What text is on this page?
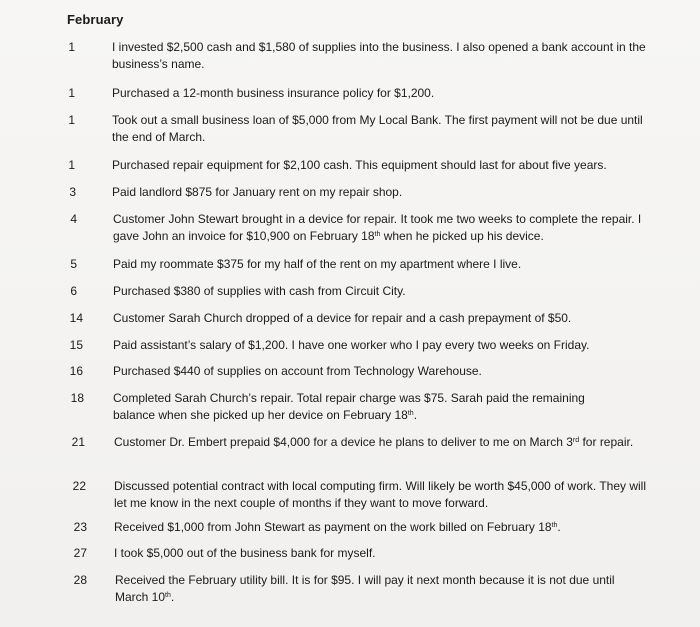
February
1	I invested $2,500 cash and $1,580 of supplies into the business. I also opened a bank account in the business’s name.
1	Purchased a 12-month business insurance policy for $1,200.
1	Took out a small business loan of $5,000 from My Local Bank. The first payment will not be due until the end of March.
1	Purchased repair equipment for $2,100 cash. This equipment should last for about five years.
3	Paid landlord $875 for January rent on my repair shop.
4	Customer John Stewart brought in a device for repair. It took me two weeks to complete the repair. I gave John an invoice for $10,900 on February 18th when he picked up his device.
5	Paid my roommate $375 for my half of the rent on my apartment where I live.
6	Purchased $380 of supplies with cash from Circuit City.
14	Customer Sarah Church dropped of a device for repair and a cash prepayment of $50.
15	Paid assistant’s salary of $1,200. I have one worker who I pay every two weeks on Friday.
16	Purchased $440 of supplies on account from Technology Warehouse.
18 Completed Sarah Church’s repair. Total repair charge was $75. Sarah paid the remaining balance when she picked up her device on February 18th.
21 Customer Dr. Embert prepaid $4,000 for a device he plans to deliver to me on March 3rd for repair.
22 Discussed potential contract with local computing firm. Will likely be worth $45,000 of work. They will let me know in the next couple of months if they want to move forward.
23 Received $1,000 from John Stewart as payment on the work billed on February 18th.
27 I took $5,000 out of the business bank for myself.
28 Received the February utility bill. It is for $95. I will pay it next month because it is not due until March 10th.
